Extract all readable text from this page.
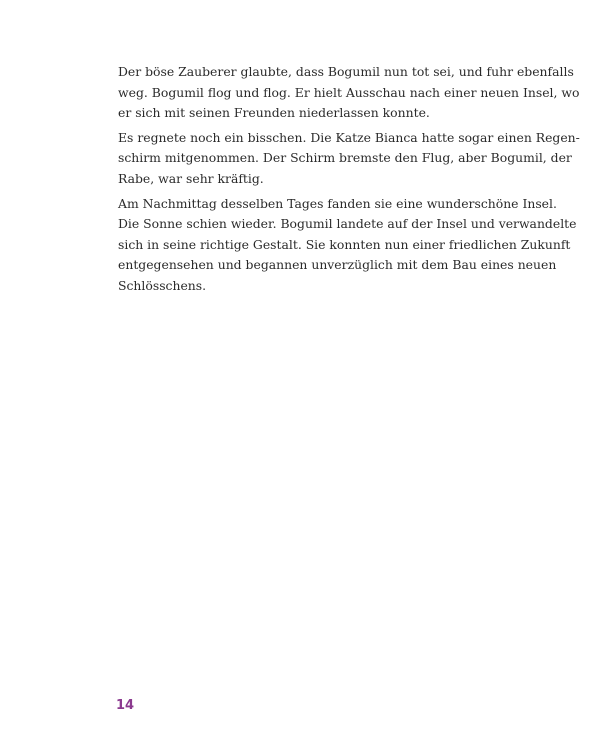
Der böse Zauberer glaubte, dass Bogumil nun tot sei, und fuhr ebenfalls
weg. Bogumil flog und flog. Er hielt Ausschau nach einer neuen Insel, wo
er sich mit seinen Freunden niederlassen konnte.

Es regnete noch ein bisschen. Die Katze Bianca hatte sogar einen Regen-
schirm mitgenommen. Der Schirm bremste den Flug, aber Bogumil, der
Rabe, war sehr kräftig.

Am Nachmittag desselben Tages fanden sie eine wunderschöne Insel.
Die Sonne schien wieder. Bogumil landete auf der Insel und verwandelte
sich in seine richtige Gestalt. Sie konnten nun einer friedlichen Zukunft
entgegensehen und begannen unverzüglich mit dem Bau eines neuen
Schlösschens.

14
